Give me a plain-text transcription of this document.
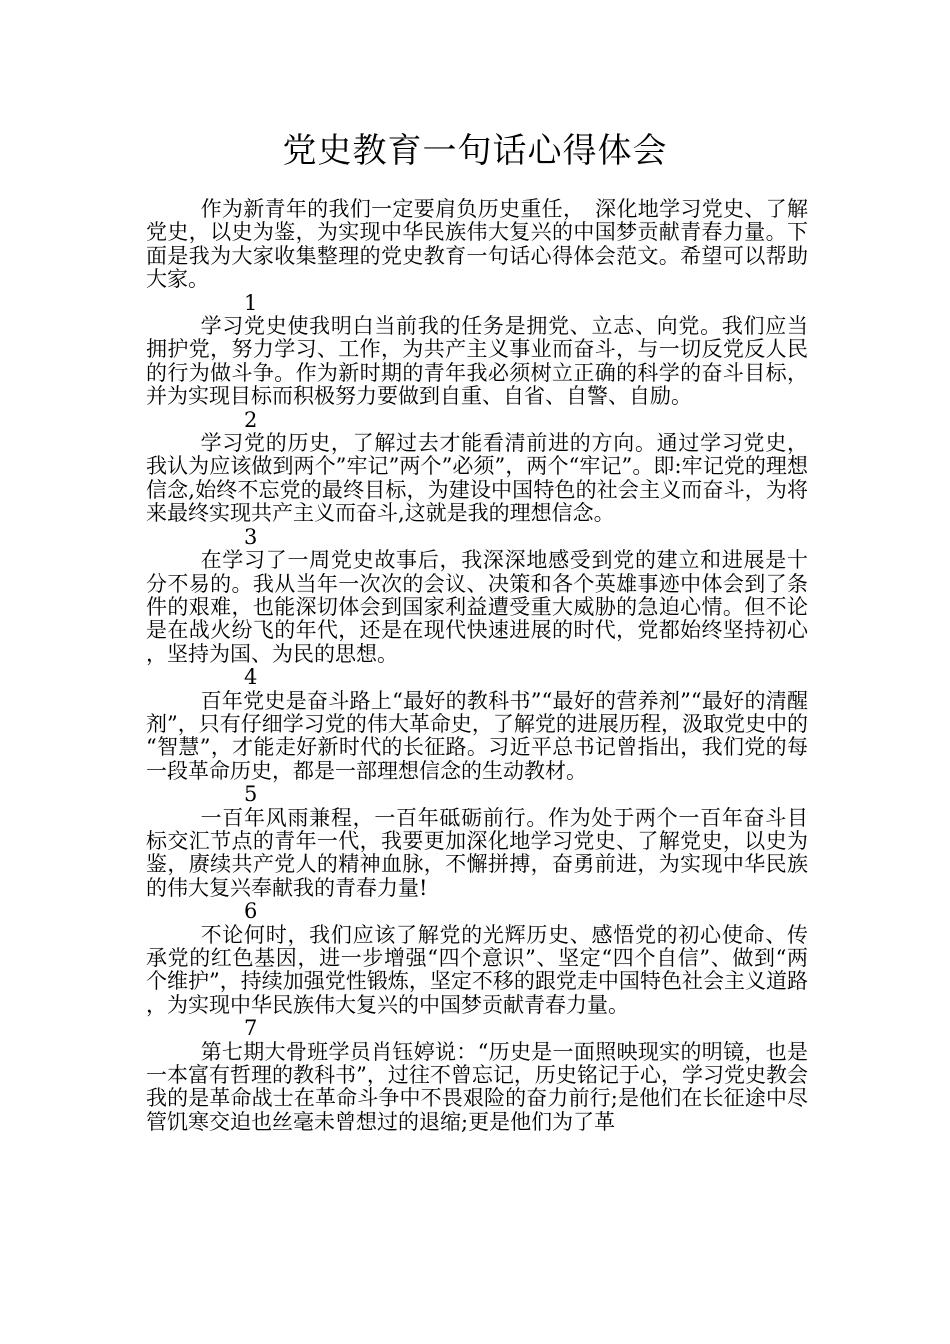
党史教育一句话心得体会

作为新青年的我们一定要肩负历史重任，　深化地学习党史、了解党史，以史为鉴，为实现中华民族伟大复兴的中国梦贡献青春力量。下面是我为大家收集整理的党史教育一句话心得体会范文。希望可以帮助大家。

1

学习党史使我明白当前我的任务是拥党、立志、向党。我们应当拥护党，努力学习、工作，为共产主义事业而奋斗，与一切反党反人民的行为做斗争。作为新时期的青年我必须树立正确的科学的奋斗目标，并为实现目标而积极努力要做到自重、自省、自警、自励。

2

学习党的历史，了解过去才能看清前进的方向。通过学习党史，我认为应该做到两个”牢记”两个”必须”，两个“牢记”。即:牢记党的理想信念,始终不忘党的最终目标，为建设中国特色的社会主义而奋斗，为将来最终实现共产主义而奋斗,这就是我的理想信念。

3

在学习了一周党史故事后，我深深地感受到党的建立和进展是十分不易的。我从当年一次次的会议、决策和各个英雄事迹中体会到了条件的艰难，也能深切体会到国家利益遭受重大威胁的急迫心情。但不论是在战火纷飞的年代，还是在现代快速进展的时代，党都始终坚持初心，坚持为国、为民的思想。

4

百年党史是奋斗路上“最好的教科书”“最好的营养剂”“最好的清醒剂”，只有仔细学习党的伟大革命史，了解党的进展历程，汲取党史中的“智慧”，才能走好新时代的长征路。习近平总书记曾指出，我们党的每一段革命历史，都是一部理想信念的生动教材。

5

一百年风雨兼程，一百年砥砺前行。作为处于两个一百年奋斗目标交汇节点的青年一代，我要更加深化地学习党史、了解党史，以史为鉴，赓续共产党人的精神血脉，不懈拼搏，奋勇前进，为实现中华民族的伟大复兴奉献我的青春力量!

6

不论何时，我们应该了解党的光辉历史、感悟党的初心使命、传承党的红色基因，进一步增强“四个意识”、坚定“四个自信”、做到“两个维护”，持续加强党性锻炼，坚定不移的跟党走中国特色社会主义道路，为实现中华民族伟大复兴的中国梦贡献青春力量。

7

第七期大骨班学员肖钰婷说：“历史是一面照映现实的明镜，也是一本富有哲理的教科书”，过往不曾忘记，历史铭记于心，学习党史教会我的是革命战士在革命斗争中不畏艰险的奋力前行;是他们在长征途中尽管饥寒交迫也丝毫未曾想过的退缩;更是他们为了革
